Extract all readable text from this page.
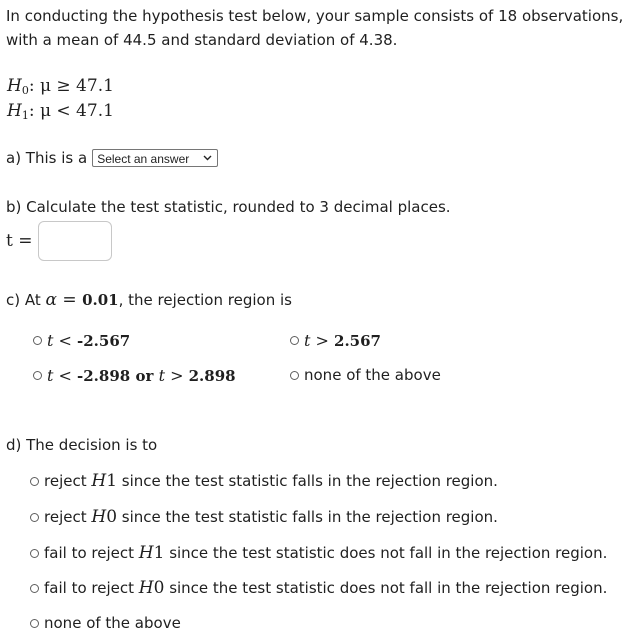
In conducting the hypothesis test below, your sample consists of 18 observations, with a mean of 44.5 and standard deviation of 4.38.
$H_0$: μ ≥ 47.1
$H_1$: μ < 47.1
a) This is a Select an answer
b) Calculate the test statistic, rounded to 3 decimal places.
t =
c) At α = 0.01, the rejection region is
t < -2.567	t > 2.567
t < -2.898 or t > 2.898	none of the above
d) The decision is to
reject H 1 since the test statistic falls in the rejection region.
reject H 0 since the test statistic falls in the rejection region.
fail to reject H 1 since the test statistic does not fall in the rejection region.
fail to reject H 0 since the test statistic does not fall in the rejection region.
none of the above
